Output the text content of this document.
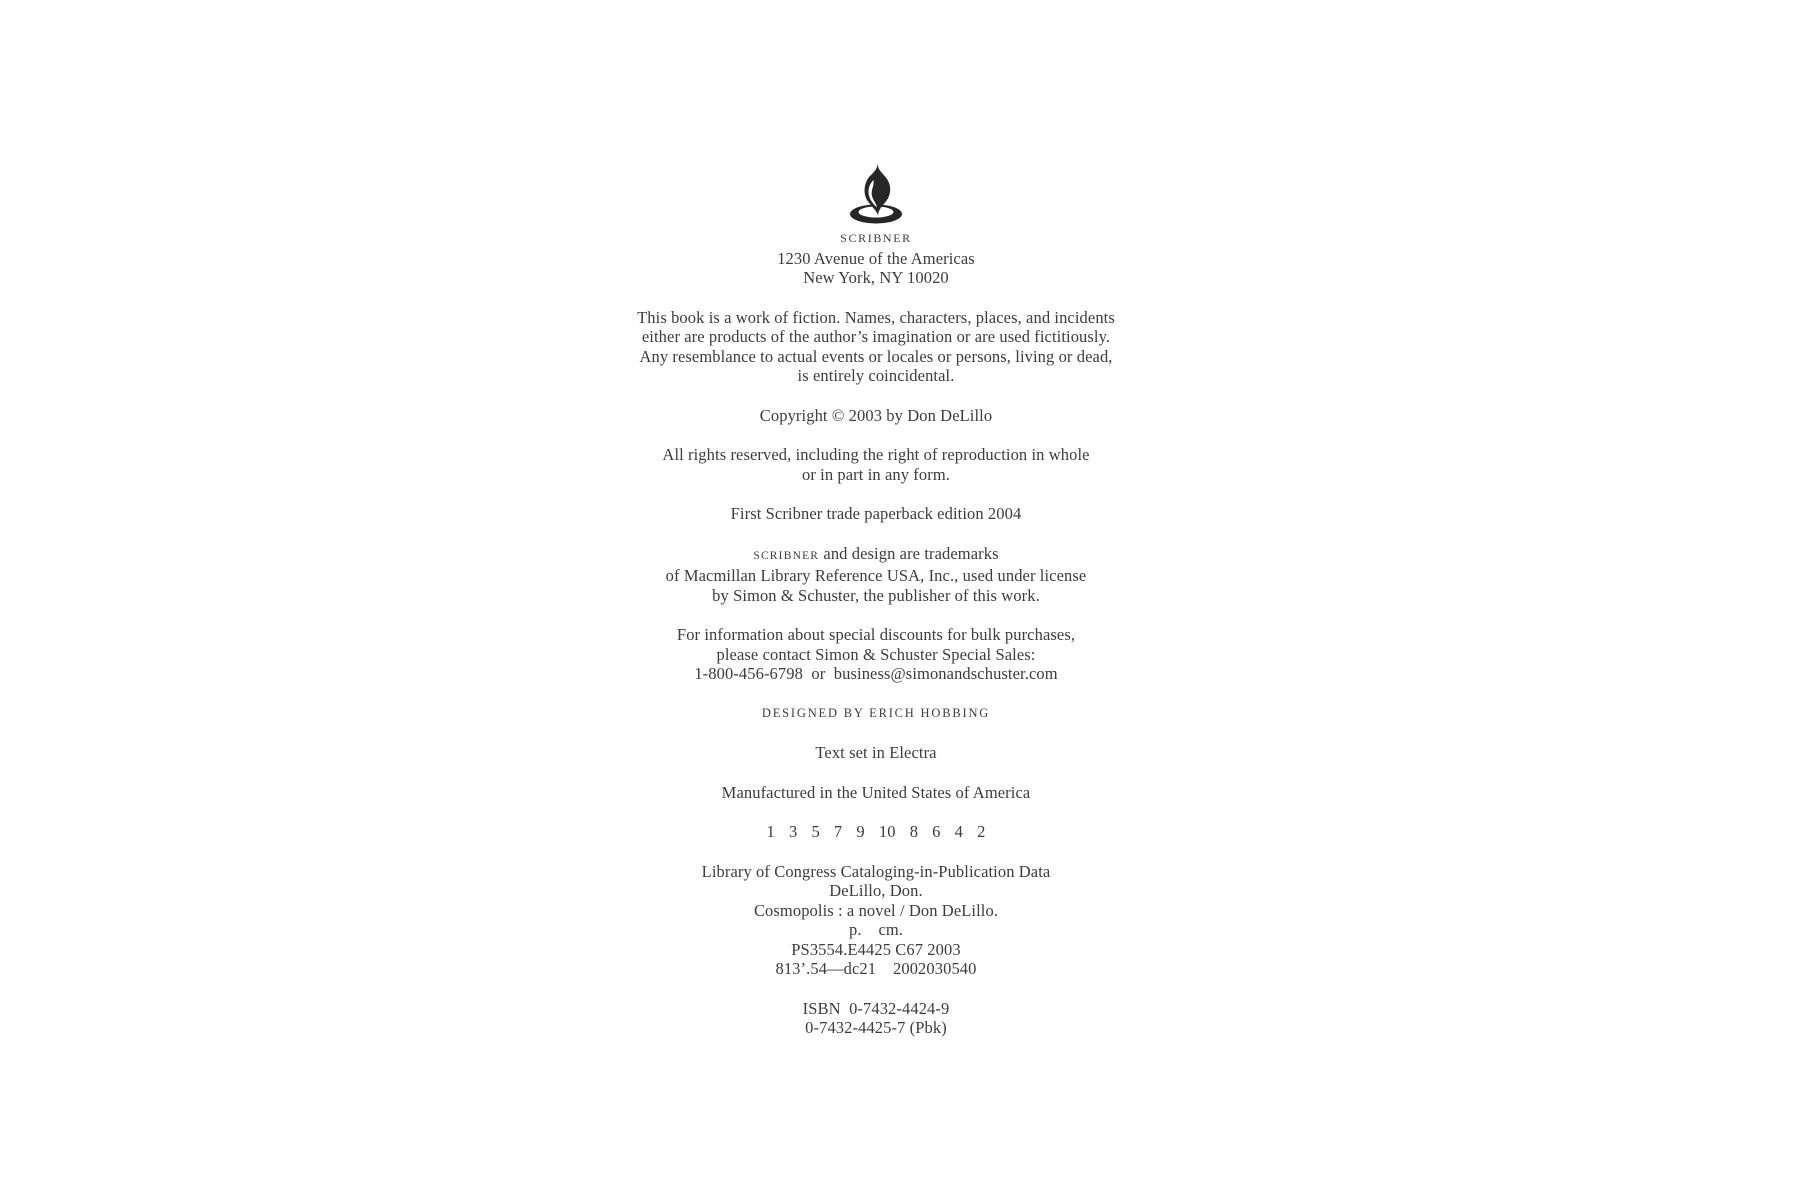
SCRIBNER
1230 Avenue of the Americas
New York, NY 10020
This book is a work of fiction. Names, characters, places, and incidents
either are products of the author’s imagination or are used fictitiously.
Any resemblance to actual events or locales or persons, living or dead,
is entirely coincidental.
Copyright © 2003 by Don DeLillo
All rights reserved, including the right of reproduction in whole
or in part in any form.
First Scribner trade paperback edition 2004
SCRIBNER and design are trademarks
of Macmillan Library Reference USA, Inc., used under license
by Simon & Schuster, the publisher of this work.
For information about special discounts for bulk purchases,
please contact Simon & Schuster Special Sales:
1-800-456-6798  or  business@simonandschuster.com
DESIGNED BY ERICH HOBBING
Text set in Electra
Manufactured in the United States of America
1 3 5 7 9 10 8 6 4 2
Library of Congress Cataloging-in-Publication Data
DeLillo, Don.
Cosmopolis : a novel / Don DeLillo.
p.    cm.
PS3554.E4425 C67 2003
813’.54—dc21    2002030540
ISBN  0-7432-4424-9
0-7432-4425-7 (Pbk)
